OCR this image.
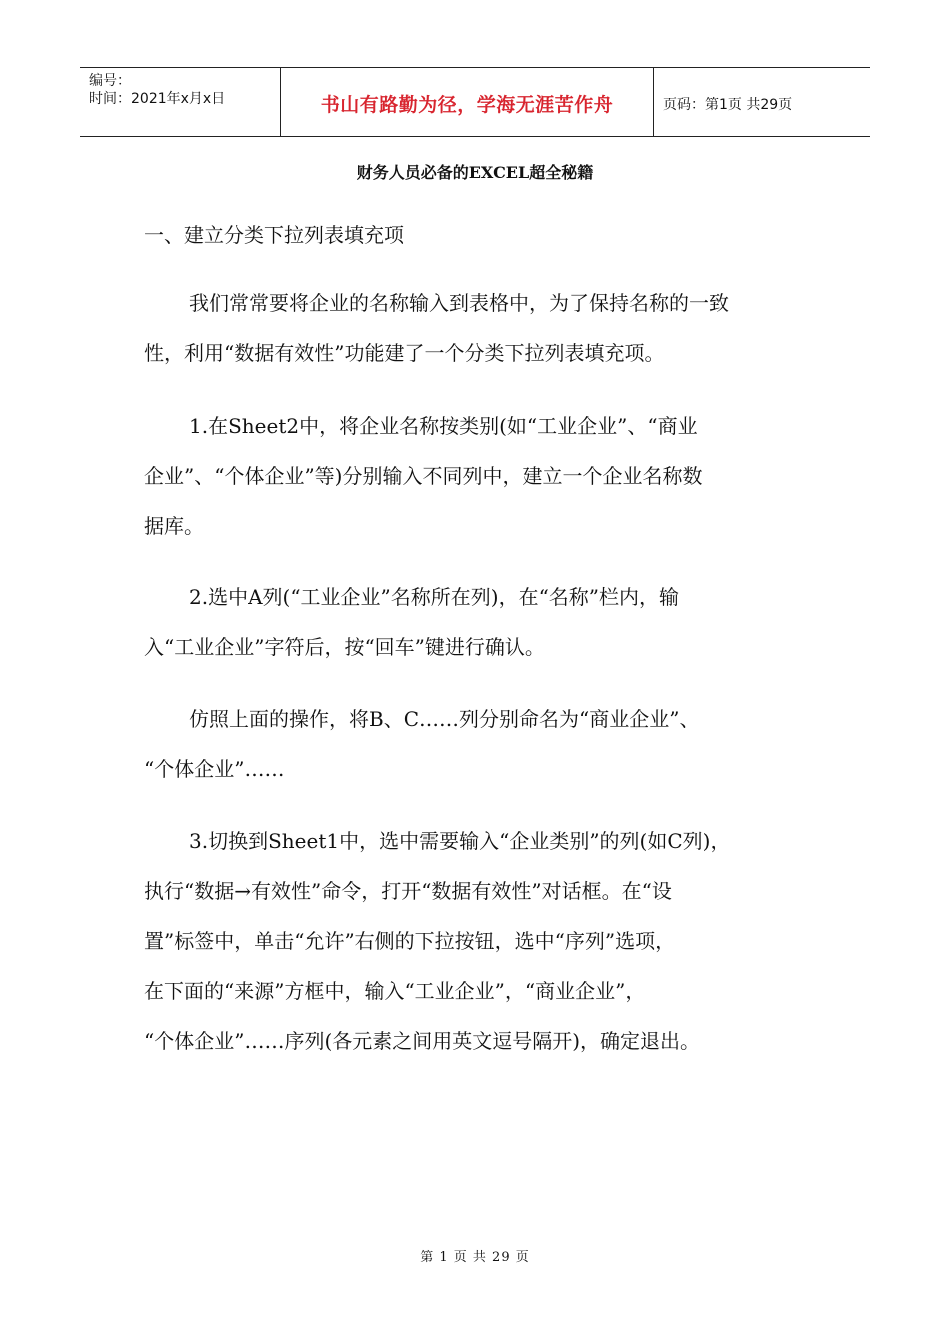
编号：
时间：2021年x月x日	书山有路勤为径，学海无涯苦作舟	页码：第1页 共29页
财务人员必备的EXCEL超全秘籍
一、建立分类下拉列表填充项
我们常常要将企业的名称输入到表格中，为了保持名称的一致
性，利用“数据有效性”功能建了一个分类下拉列表填充项。
1.在Sheet2中，将企业名称按类别(如“工业企业”、“商业
企业”、“个体企业”等)分别输入不同列中，建立一个企业名称数
据库。
2.选中A列(“工业企业”名称所在列)，在“名称”栏内，输
入“工业企业”字符后，按“回车”键进行确认。
仿照上面的操作，将B、C……列分别命名为“商业企业”、
“个体企业”……
3.切换到Sheet1中，选中需要输入“企业类别”的列(如C列)，
执行“数据→有效性”命令，打开“数据有效性”对话框。在“设
置”标签中，单击“允许”右侧的下拉按钮，选中“序列”选项，
在下面的“来源”方框中，输入“工业企业”，“商业企业”，
“个体企业”……序列(各元素之间用英文逗号隔开)，确定退出。
第 1 页 共 29 页
